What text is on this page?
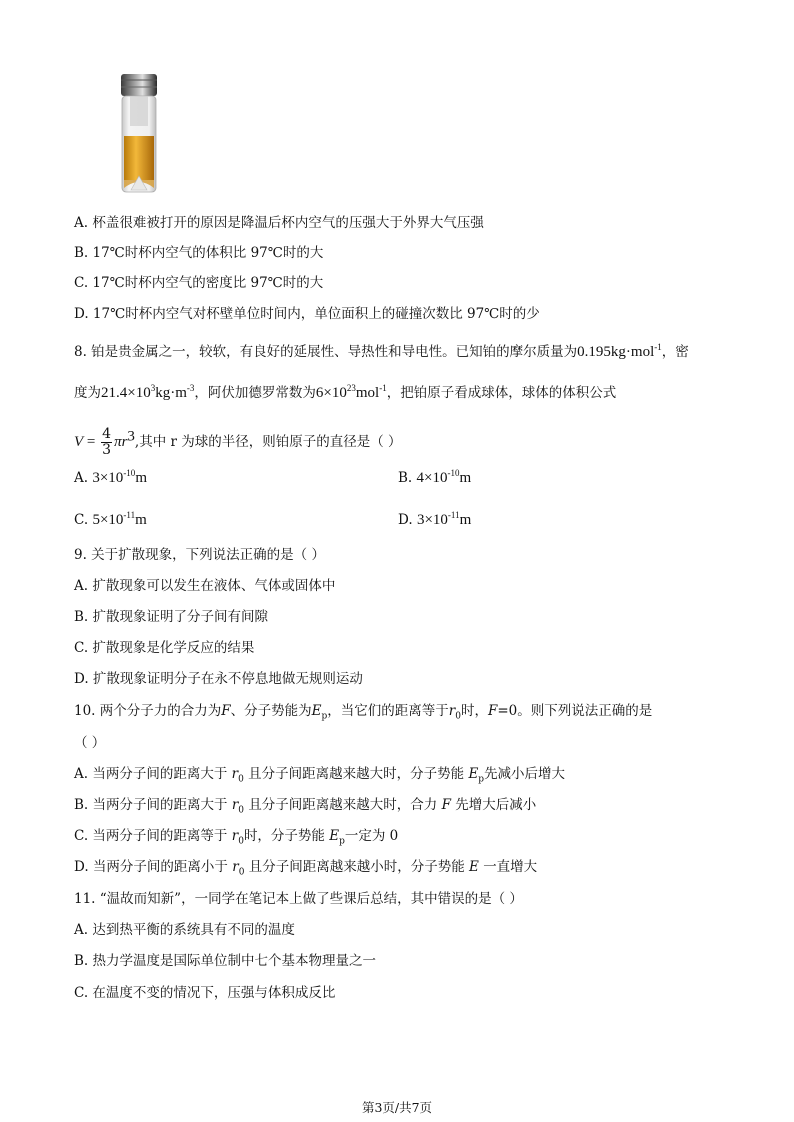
A. 杯盖很难被打开的原因是降温后杯内空气的压强大于外界大气压强
B. 17℃时杯内空气的体积比 97℃时的大
C. 17℃时杯内空气的密度比 97℃时的大
D. 17℃时杯内空气对杯壁单位时间内，单位面积上的碰撞次数比 97℃时的少
8. 铂是贵金属之一，较软，有良好的延展性、导热性和导电性。已知铂的摩尔质量为0.195kg·mol$^{-1}$，密
度为$21.4\times 10^3kg\cdot m^{-3}$，阿伏加德罗常数为$6\times 10^{23}mol^{-1}$，把铂原子看成球体，球体的体积公式
$V = \frac{4}{3} \pi r^3$,其中 r 为球的半径，则铂原子的直径是（ ）
A. $3\times 10^{-10}m$	B. $4\times 10^{-10}m$
C. $5\times 10^{-11}m$	D. $3\times 10^{-11}m$
9. 关于扩散现象，下列说法正确的是（ ）
A. 扩散现象可以发生在液体、气体或固体中
B. 扩散现象证明了分子间有间隙
C. 扩散现象是化学反应的结果
D. 扩散现象证明分子在永不停息地做无规则运动
10. 两个分子力的合力为F、分子势能为$E_p$，当它们的距离等于$r_0$时，F=0。则下列说法正确的是
（ ）
A. 当两分子间的距离大于 $r_0$ 且分子间距离越来越大时，分子势能 $E_p$先减小后增大
B. 当两分子间的距离大于 $r_0$ 且分子间距离越来越大时，合力 F 先增大后减小
C. 当两分子间的距离等于 $r_0$时，分子势能 $E_p$一定为 0
D. 当两分子间的距离小于 $r_0$ 且分子间距离越来越小时，分子势能 E 一直增大
11. “温故而知新”，一同学在笔记本上做了些课后总结，其中错误的是（ ）
A. 达到热平衡的系统具有不同的温度
B. 热力学温度是国际单位制中七个基本物理量之一
C. 在温度不变的情况下，压强与体积成反比
第3页/共7页
